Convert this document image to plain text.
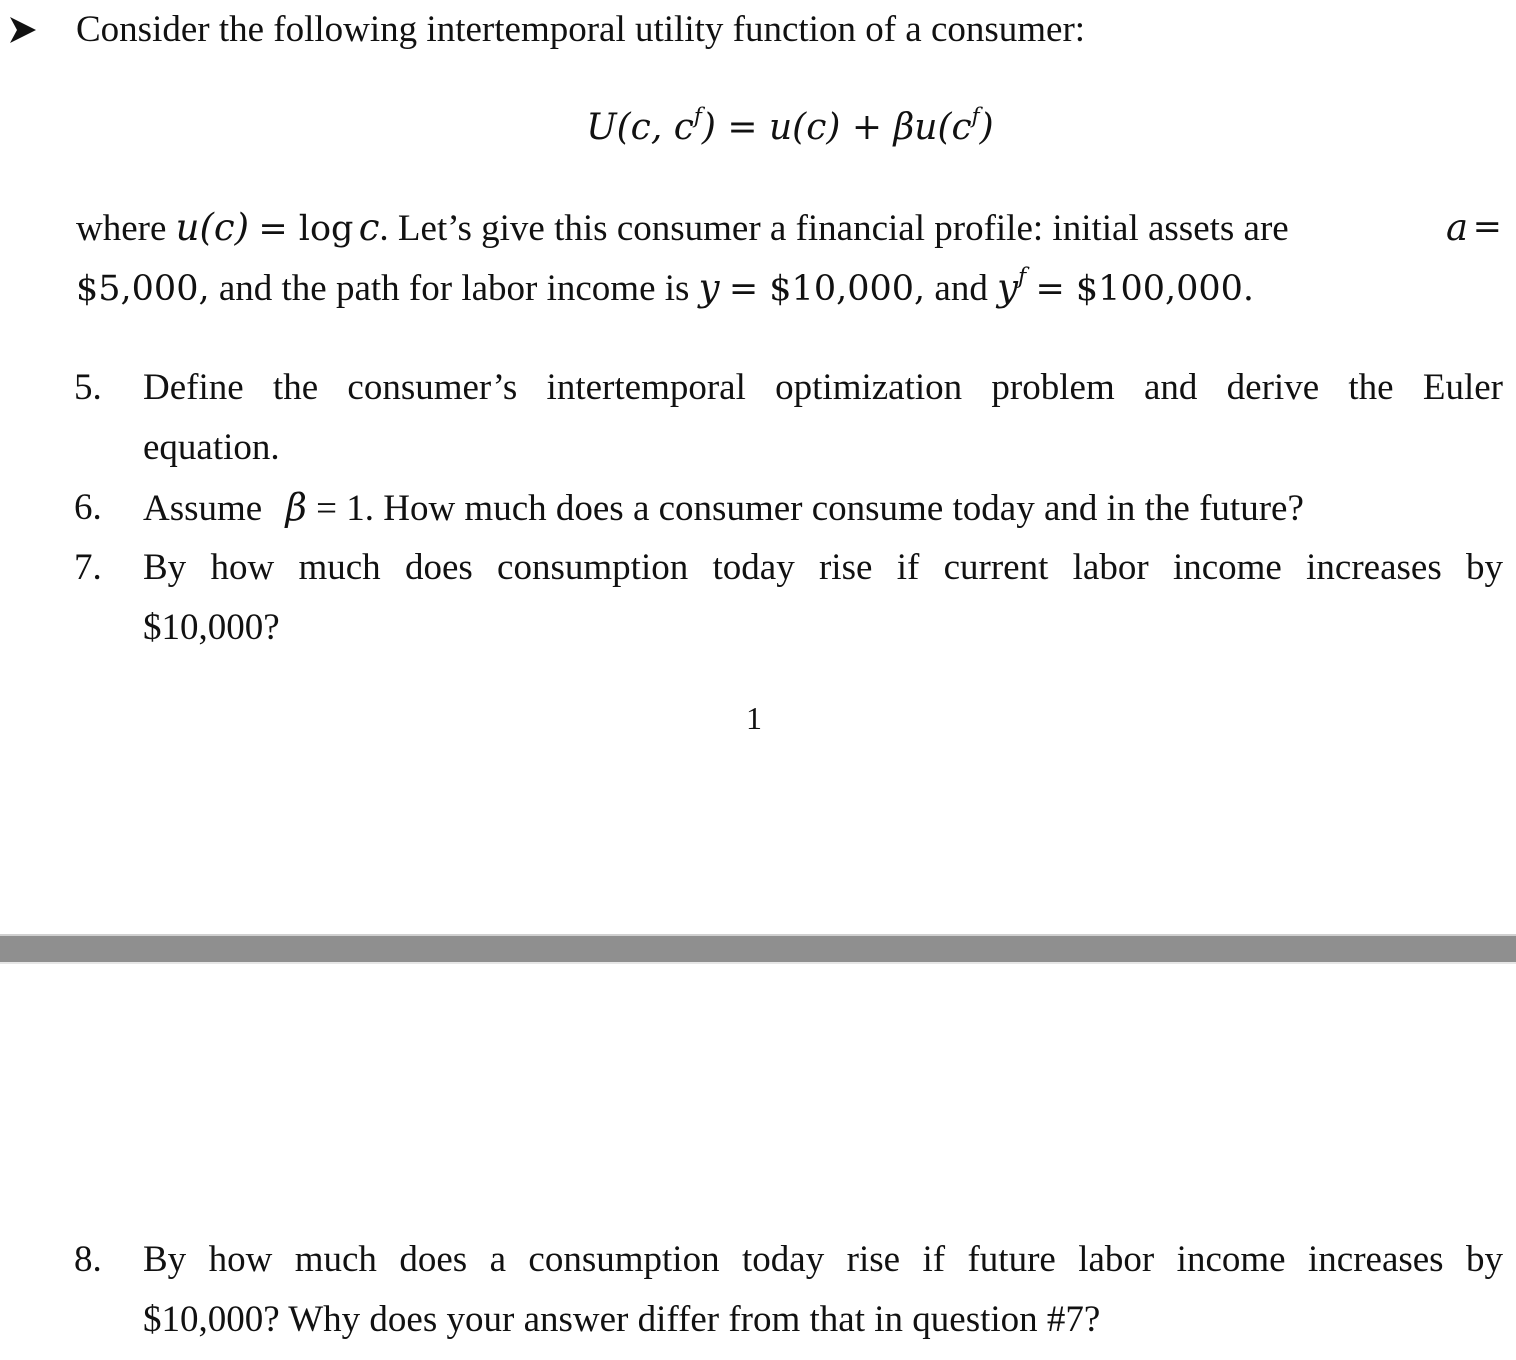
Consider the following intertemporal utility function of a consumer:
U(c, $c^f) = u(c) + \beta u(c^f)$
where u(c) = log c. Let’s give this consumer a financial profile: initial assets are	a =
$5,000, and the path for labor income is y = $10,000, and $y^f$ = $100,000.
5. Define the consumer’s intertemporal optimization problem and derive the Euler
equation.
6. Assume β = 1. How much does a consumer consume today and in the future?
7. By how much does consumption today rise if current labor income increases by
$10,000?
1
8. By how much does a consumption today rise if future labor income increases by
$10,000? Why does your answer differ from that in question #7?
